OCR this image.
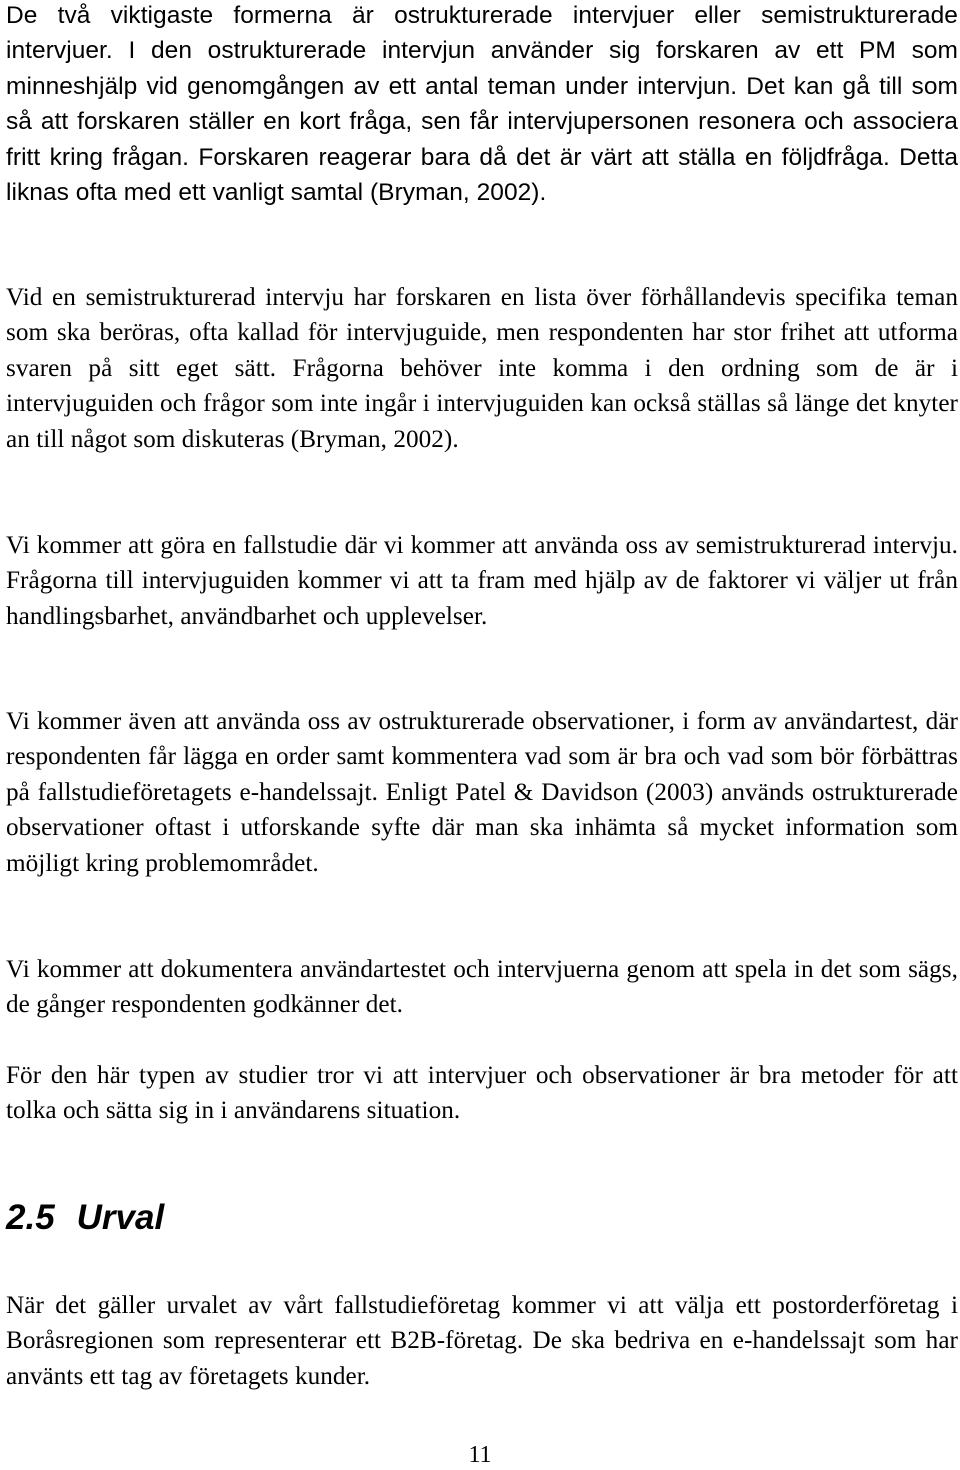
De två viktigaste formerna är ostrukturerade intervjuer eller semistrukturerade intervjuer. I den ostrukturerade intervjun använder sig forskaren av ett PM som minneshjälp vid genomgången av ett antal teman under intervjun. Det kan gå till som så att forskaren ställer en kort fråga, sen får intervjupersonen resonera och associera fritt kring frågan. Forskaren reagerar bara då det är värt att ställa en följdfråga. Detta liknas ofta med ett vanligt samtal (Bryman, 2002).

Vid en semistrukturerad intervju har forskaren en lista över förhållandevis specifika teman som ska beröras, ofta kallad för intervjuguide, men respondenten har stor frihet att utforma svaren på sitt eget sätt. Frågorna behöver inte komma i den ordning som de är i intervjuguiden och frågor som inte ingår i intervjuguiden kan också ställas så länge det knyter an till något som diskuteras (Bryman, 2002).

Vi kommer att göra en fallstudie där vi kommer att använda oss av semistrukturerad intervju. Frågorna till intervjuguiden kommer vi att ta fram med hjälp av de faktorer vi väljer ut från handlingsbarhet, användbarhet och upplevelser.

Vi kommer även att använda oss av ostrukturerade observationer, i form av användartest, där respondenten får lägga en order samt kommentera vad som är bra och vad som bör förbättras på fallstudieföretagets e-handelssajt. Enligt Patel & Davidson (2003) används ostrukturerade observationer oftast i utforskande syfte där man ska inhämta så mycket information som möjligt kring problemområdet.

Vi kommer att dokumentera användartestet och intervjuerna genom att spela in det som sägs, de gånger respondenten godkänner det.

För den här typen av studier tror vi att intervjuer och observationer är bra metoder för att tolka och sätta sig in i användarens situation.

2.5 Urval

När det gäller urvalet av vårt fallstudieföretag kommer vi att välja ett postorderföretag i Boråsregionen som representerar ett B2B-företag. De ska bedriva en e-handelssajt som har använts ett tag av företagets kunder.

11
